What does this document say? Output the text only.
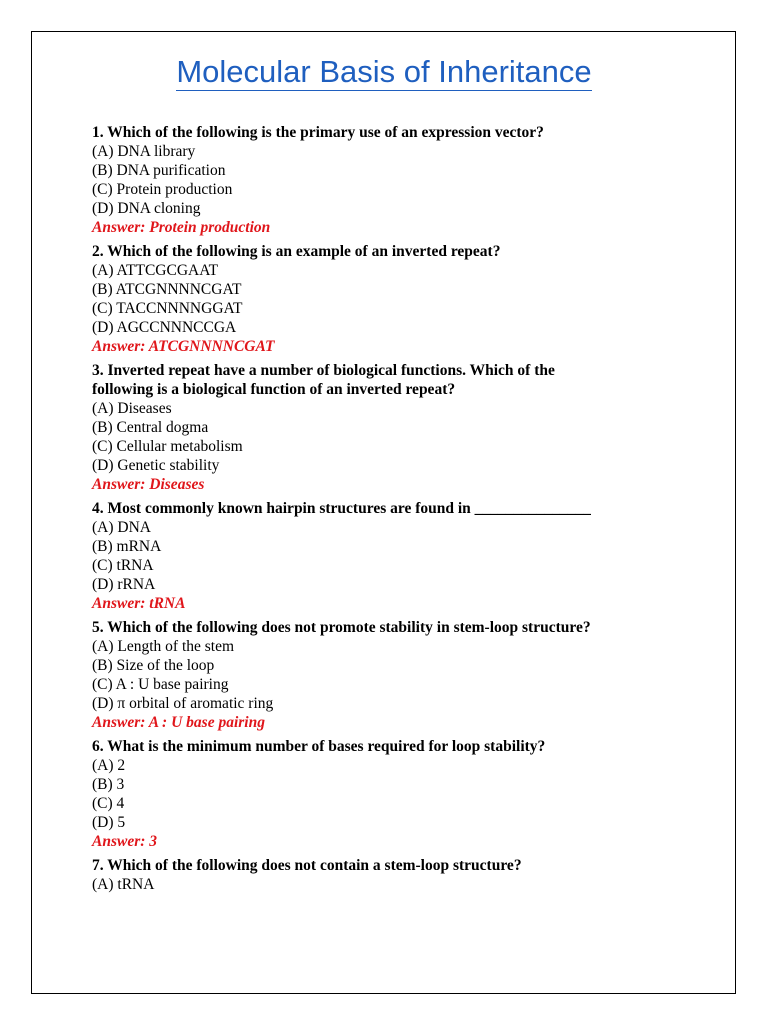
Molecular Basis of Inheritance
1. Which of the following is the primary use of an expression vector?
(A) DNA library
(B) DNA purification
(C) Protein production
(D) DNA cloning
Answer: Protein production
2. Which of the following is an example of an inverted repeat?
(A) ATTCGCGAAT
(B) ATCGNNNNCGAT
(C) TACCNNNNGGAT
(D) AGCCNNNCCGA
Answer: ATCGNNNNCGAT
3. Inverted repeat have a number of biological functions. Which of the
following is a biological function of an inverted repeat?
(A) Diseases
(B) Central dogma
(C) Cellular metabolism
(D) Genetic stability
Answer: Diseases
4. Most commonly known hairpin structures are found in _______________
(A) DNA
(B) mRNA
(C) tRNA
(D) rRNA
Answer: tRNA
5. Which of the following does not promote stability in stem-loop structure?
(A) Length of the stem
(B) Size of the loop
(C) A : U base pairing
(D) π orbital of aromatic ring
Answer: A : U base pairing
6. What is the minimum number of bases required for loop stability?
(A) 2
(B) 3
(C) 4
(D) 5
Answer: 3
7. Which of the following does not contain a stem-loop structure?
(A) tRNA
